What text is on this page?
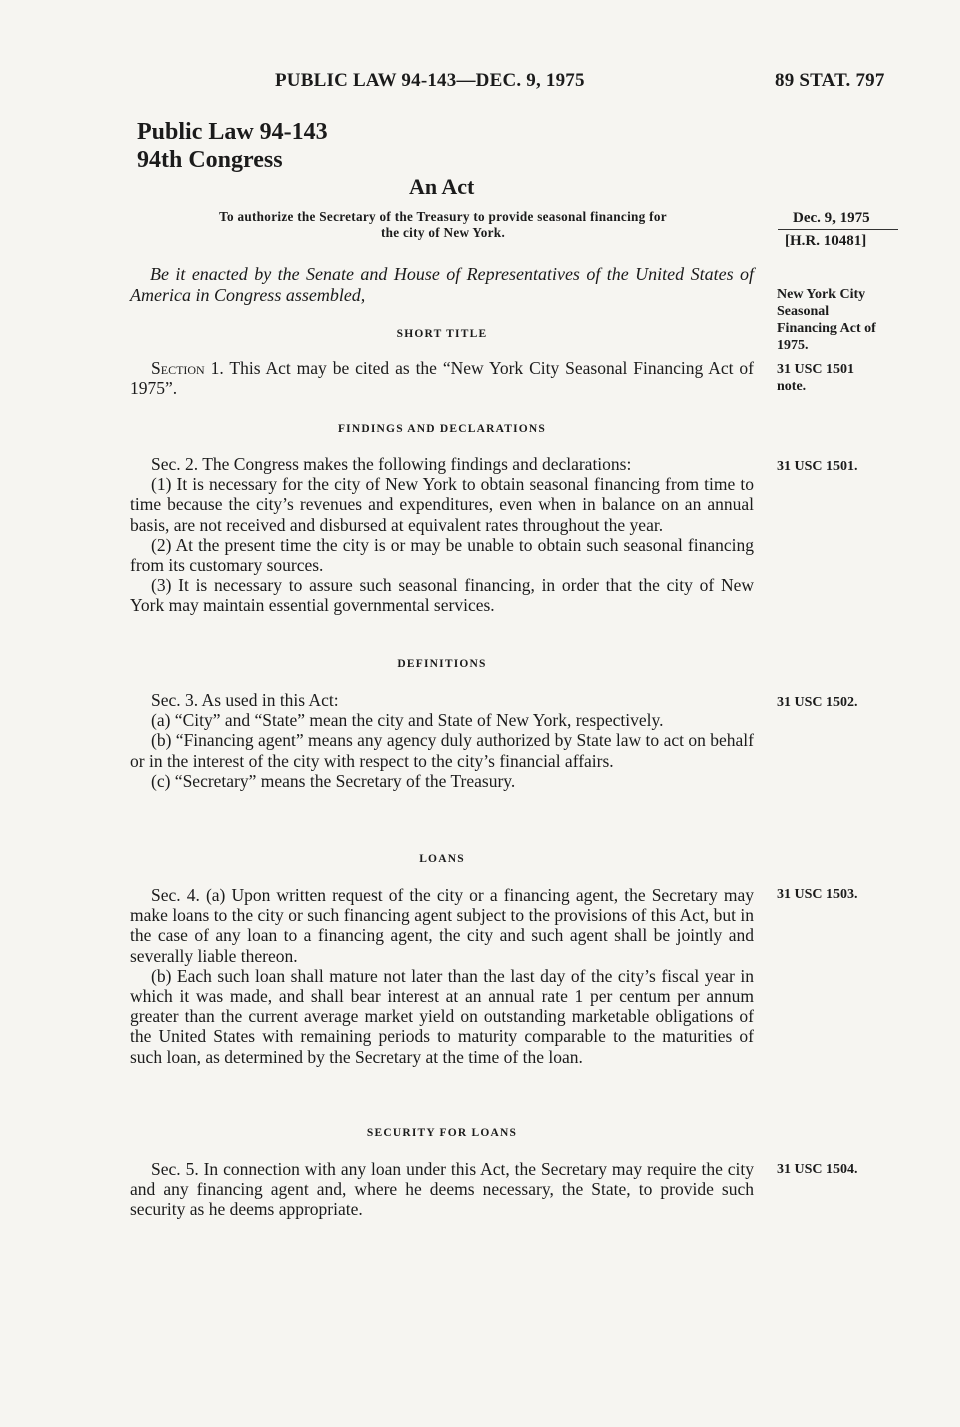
PUBLIC LAW 94-143—DEC. 9, 1975	89 STAT. 797
Public Law 94-143
94th Congress
An Act
To authorize the Secretary of the Treasury to provide seasonal financing for
the city of New York.
Dec. 9, 1975
[H.R. 10481]
Be it enacted by the Senate and House of Representatives of the United States of America in Congress assembled,	New York City
Seasonal
Financing Act of
1975.
SHORT TITLE

Section 1. This Act may be cited as the “New York City Seasonal Financing Act of 1975”.

31 USC 1501
note.
FINDINGS AND DECLARATIONS

Sec. 2. The Congress makes the following findings and declarations:

(1) It is necessary for the city of New York to obtain seasonal financing from time to time because the city’s revenues and expenditures, even when in balance on an annual basis, are not received and disbursed at equivalent rates throughout the year.

(2) At the present time the city is or may be unable to obtain such seasonal financing from its customary sources.

(3) It is necessary to assure such seasonal financing, in order that the city of New York may maintain essential governmental services.

31 USC 1501.
DEFINITIONS

Sec. 3. As used in this Act:

(a) “City” and “State” mean the city and State of New York, respectively.

(b) “Financing agent” means any agency duly authorized by State law to act on behalf or in the interest of the city with respect to the city’s financial affairs.

(c) “Secretary” means the Secretary of the Treasury.

31 USC 1502.
LOANS

Sec. 4. (a) Upon written request of the city or a financing agent, the Secretary may make loans to the city or such financing agent subject to the provisions of this Act, but in the case of any loan to a financing agent, the city and such agent shall be jointly and severally liable thereon.

(b) Each such loan shall mature not later than the last day of the city’s fiscal year in which it was made, and shall bear interest at an annual rate 1 per centum per annum greater than the current average market yield on outstanding marketable obligations of the United States with remaining periods to maturity comparable to the maturities of such loan, as determined by the Secretary at the time of the loan.

31 USC 1503.
SECURITY FOR LOANS

Sec. 5. In connection with any loan under this Act, the Secretary may require the city and any financing agent and, where he deems necessary, the State, to provide such security as he deems appropriate.

31 USC 1504.
